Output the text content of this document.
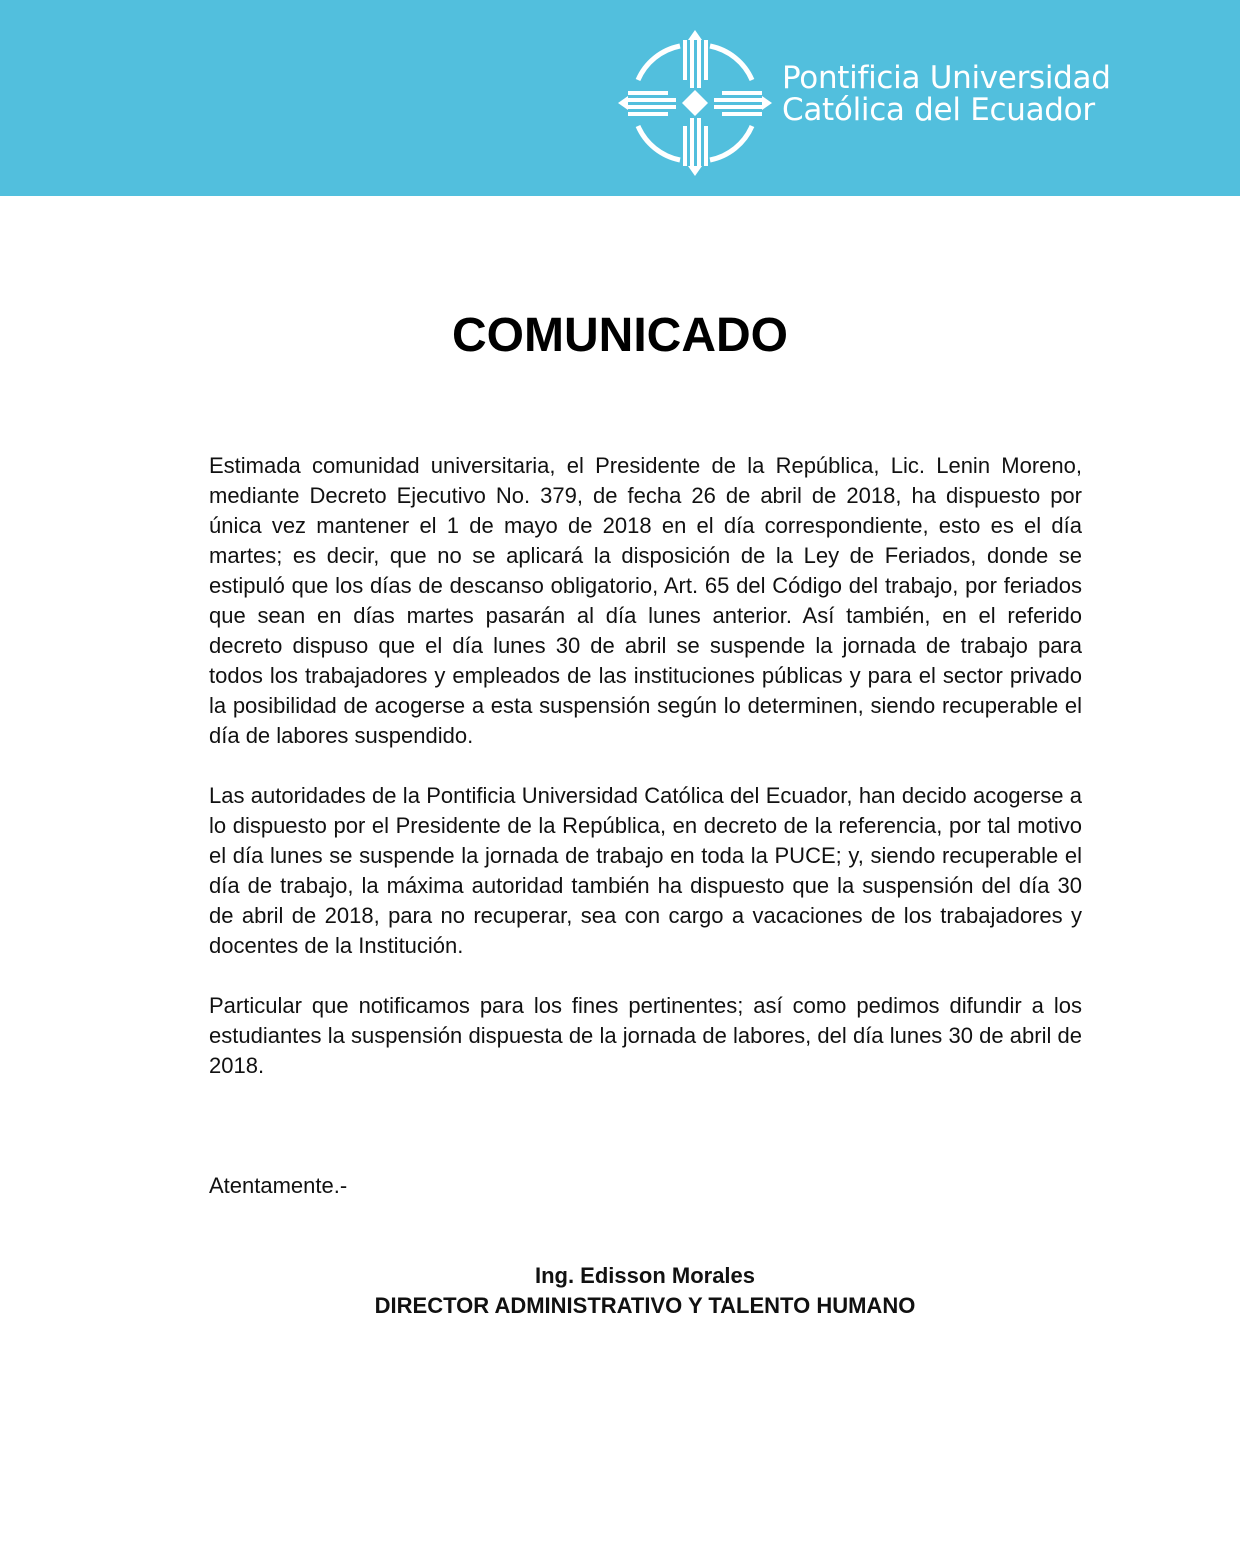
Pontificia Universidad
Católica del Ecuador
COMUNICADO

Estimada comunidad universitaria, el Presidente de la República, Lic. Lenin Moreno, mediante Decreto Ejecutivo No. 379, de fecha 26 de abril de 2018, ha dispuesto por única vez mantener el 1 de mayo de 2018 en el día correspondiente, esto es el día martes; es decir, que no se aplicará la disposición de la Ley de Feriados, donde se estipuló que los días de descanso obligatorio, Art. 65 del Código del trabajo, por feriados que sean en días martes pasarán al día lunes anterior. Así también, en el referido decreto dispuso que el día lunes 30 de abril se suspende la jornada de trabajo para todos los trabajadores y empleados de las instituciones públicas y para el sector privado la posibilidad de acogerse a esta suspensión según lo determinen, siendo recuperable el día de labores suspendido.

Las autoridades de la Pontificia Universidad Católica del Ecuador, han decido acogerse a lo dispuesto por el Presidente de la República, en decreto de la referencia, por tal motivo el día lunes se suspende la jornada de trabajo en toda la PUCE; y, siendo recuperable el día de trabajo, la máxima autoridad también ha dispuesto que la suspensión del día 30 de abril de 2018, para no recuperar, sea con cargo a vacaciones de los trabajadores y docentes de la Institución.

Particular que notificamos para los fines pertinentes; así como pedimos difundir a los estudiantes la suspensión dispuesta de la jornada de labores, del día lunes 30 de abril de 2018.

Atentamente.-
Ing. Edisson Morales
DIRECTOR ADMINISTRATIVO Y TALENTO HUMANO
